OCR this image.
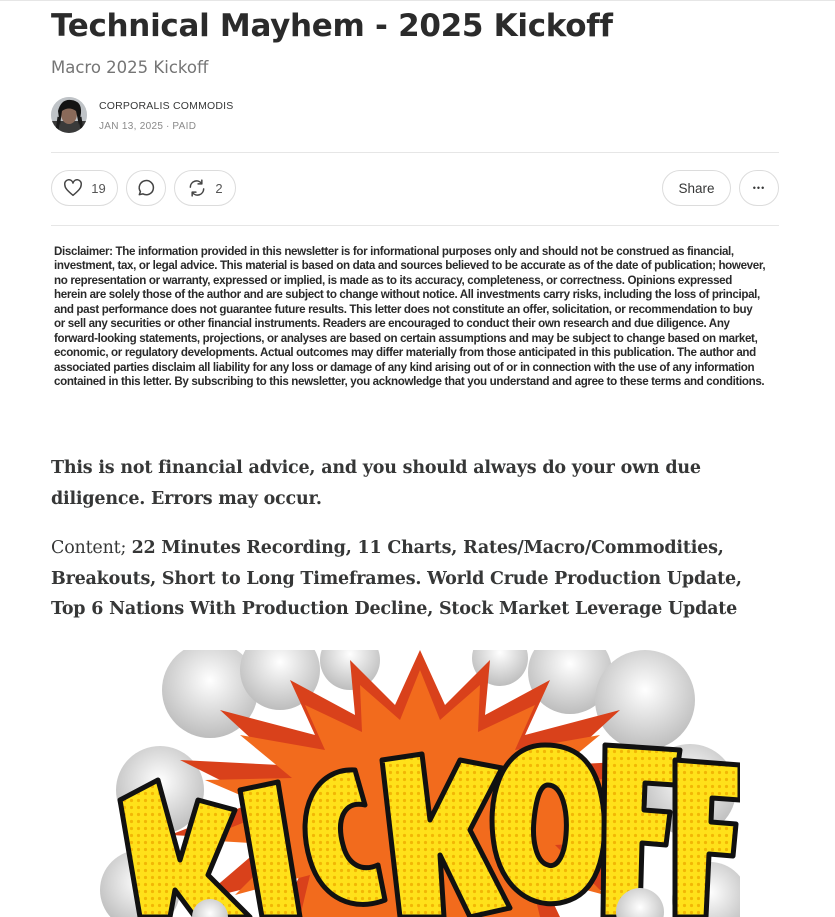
Technical Mayhem - 2025 Kickoff

Macro 2025 Kickoff

CORPORALIS COMMODIS
JAN 13, 2025 ∙ PAID
19	2	Share	•••

Disclaimer: The information provided in this newsletter is for informational purposes only and should not be construed as financial, investment, tax, or legal advice. This material is based on data and sources believed to be accurate as of the date of publication; however, no representation or warranty, expressed or implied, is made as to its accuracy, completeness, or correctness. Opinions expressed herein are solely those of the author and are subject to change without notice. All investments carry risks, including the loss of principal, and past performance does not guarantee future results. This letter does not constitute an offer, solicitation, or recommendation to buy or sell any securities or other financial instruments. Readers are encouraged to conduct their own research and due diligence. Any forward-looking statements, projections, or analyses are based on certain assumptions and may be subject to change based on market, economic, or regulatory developments. Actual outcomes may differ materially from those anticipated in this publication. The author and associated parties disclaim all liability for any loss or damage of any kind arising out of or in connection with the use of any information contained in this letter. By subscribing to this newsletter, you acknowledge that you understand and agree to these terms and conditions.

This is not financial advice, and you should always do your own due diligence. Errors may occur.

Content; 22 Minutes Recording, 11 Charts, Rates/Macro/Commodities, Breakouts, Short to Long Timeframes. World Crude Production Update, Top 6 Nations With Production Decline, Stock Market Leverage Update
